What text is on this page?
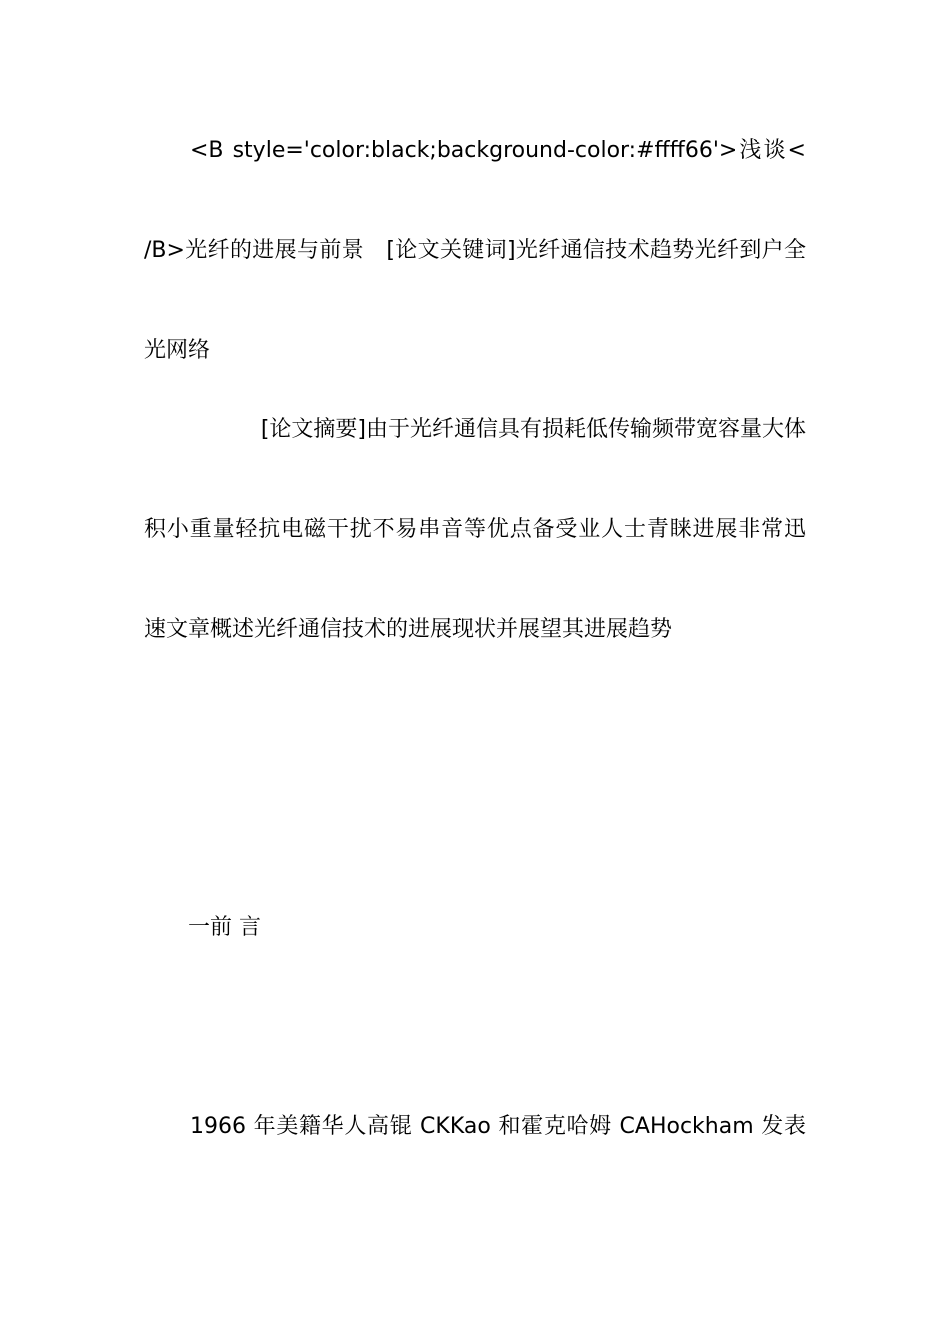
<B style='color:black;background-color:#ffff66'>浅谈<
/B>光纤的进展与前景　[论文关键词]光纤通信技术趋势光纤到户全
光网络
[论文摘要]由于光纤通信具有损耗低传输频带宽容量大体
积小重量轻抗电磁干扰不易串音等优点备受业人士青睐进展非常迅
速文章概述光纤通信技术的进展现状并展望其进展趋势
一前 言
1966 年美籍华人高锟 CKKao 和霍克哈姆 CAHockham 发表
